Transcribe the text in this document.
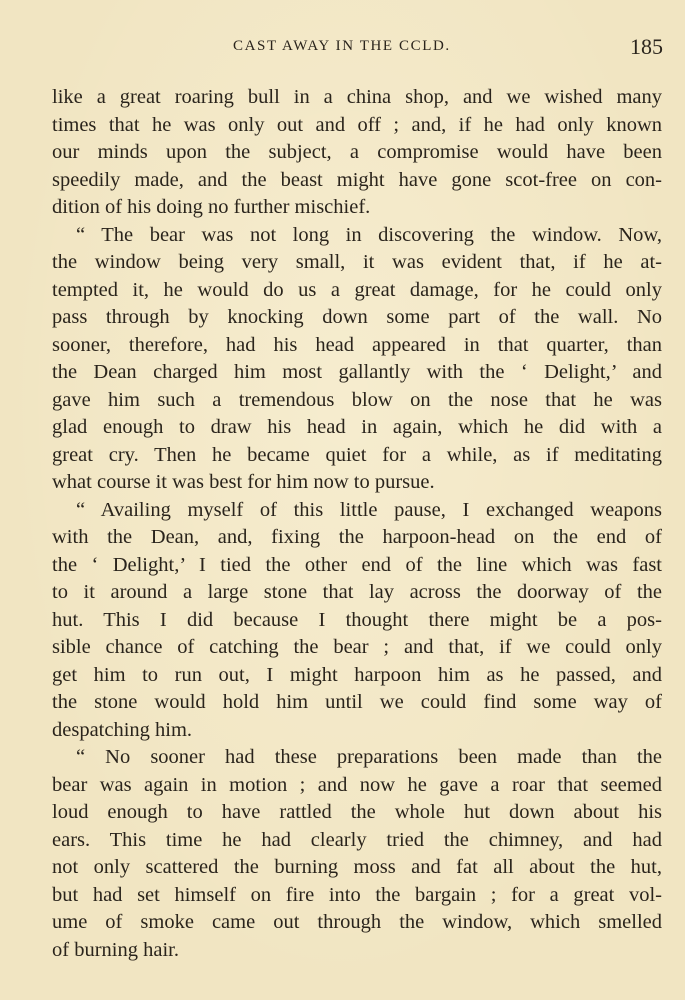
CAST AWAY IN THE CCLD.	185
like a great roaring bull in a china shop, and we wished many
times that he was only out and off ; and, if he had only known
our minds upon the subject, a compromise would have been
speedily made, and the beast might have gone scot-free on con-
dition of his doing no further mischief.
“ The bear was not long in discovering the window. Now,
the window being very small, it was evident that, if he at-
tempted it, he would do us a great damage, for he could only
pass through by knocking down some part of the wall. No
sooner, therefore, had his head appeared in that quarter, than
the Dean charged him most gallantly with the ‘ Delight,’ and
gave him such a tremendous blow on the nose that he was
glad enough to draw his head in again, which he did with a
great cry. Then he became quiet for a while, as if meditating
what course it was best for him now to pursue.
“ Availing myself of this little pause, I exchanged weapons
with the Dean, and, fixing the harpoon-head on the end of
the ‘ Delight,’ I tied the other end of the line which was fast
to it around a large stone that lay across the doorway of the
hut. This I did because I thought there might be a pos-
sible chance of catching the bear ; and that, if we could only
get him to run out, I might harpoon him as he passed, and
the stone would hold him until we could find some way of
despatching him.
“ No sooner had these preparations been made than the
bear was again in motion ; and now he gave a roar that seemed
loud enough to have rattled the whole hut down about his
ears. This time he had clearly tried the chimney, and had
not only scattered the burning moss and fat all about the hut,
but had set himself on fire into the bargain ; for a great vol-
ume of smoke came out through the window, which smelled
of burning hair.
